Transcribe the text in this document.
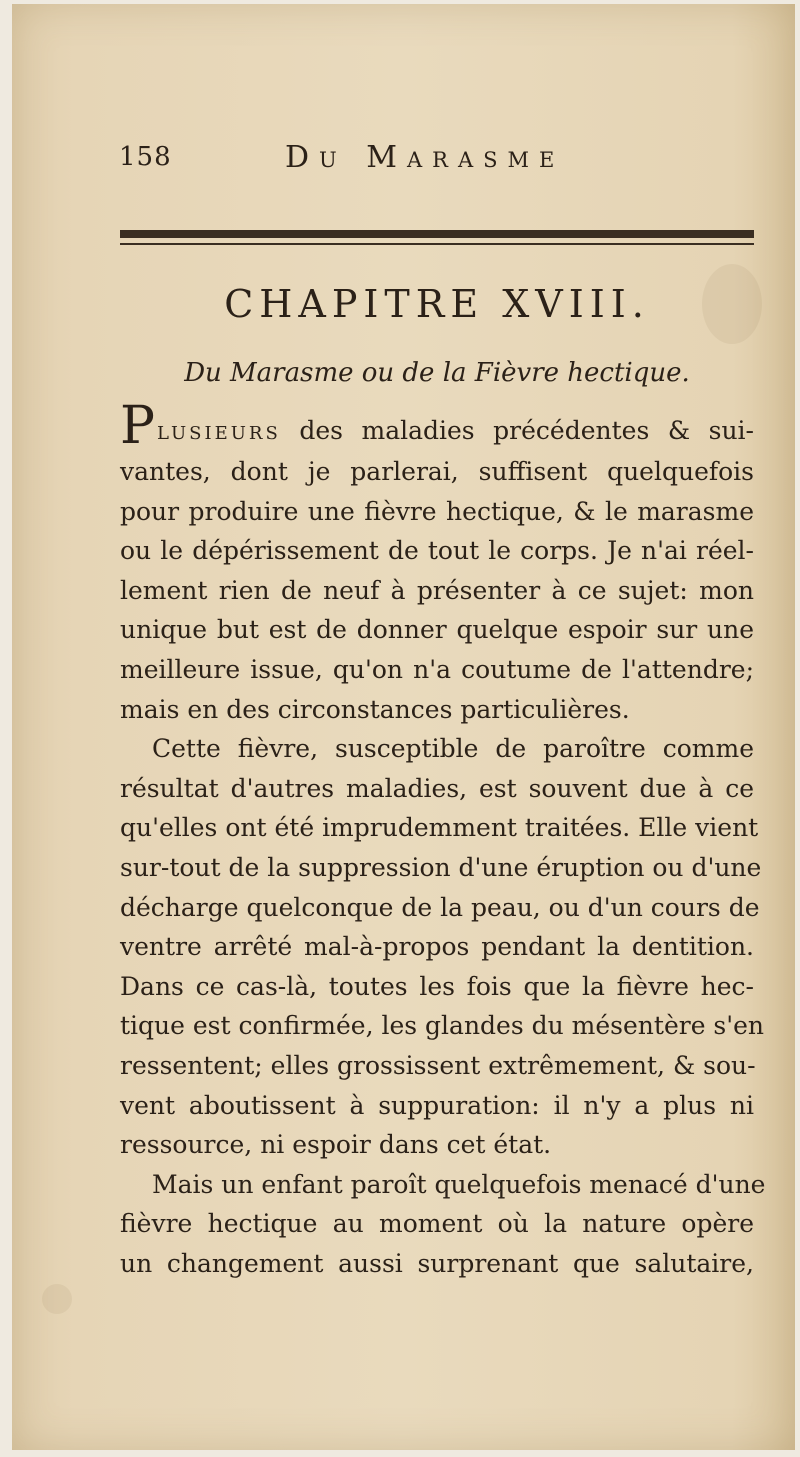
158	Du Marasme
CHAPITRE XVIII.
Du Marasme ou de la Fièvre hectique.
Plusieurs des maladies précédentes & sui-
vantes, dont je parlerai, suffisent quelquefois
pour produire une fièvre hectique, & le marasme
ou le dépérissement de tout le corps. Je n'ai réel-
lement rien de neuf à présenter à ce sujet: mon
unique but est de donner quelque espoir sur une
meilleure issue, qu'on n'a coutume de l'attendre;
mais en des circonstances particulières.
Cette fièvre, susceptible de paroître comme
résultat d'autres maladies, est souvent due à ce
qu'elles ont été imprudemment traitées. Elle vient
sur-tout de la suppression d'une éruption ou d'une
décharge quelconque de la peau, ou d'un cours de
ventre arrêté mal-à-propos pendant la dentition.
Dans ce cas-là, toutes les fois que la fièvre hec-
tique est confirmée, les glandes du mésentère s'en
ressentent; elles grossissent extrêmement, & sou-
vent aboutissent à suppuration: il n'y a plus ni
ressource, ni espoir dans cet état.
Mais un enfant paroît quelquefois menacé d'une
fièvre hectique au moment où la nature opère
un changement aussi surprenant que salutaire,
